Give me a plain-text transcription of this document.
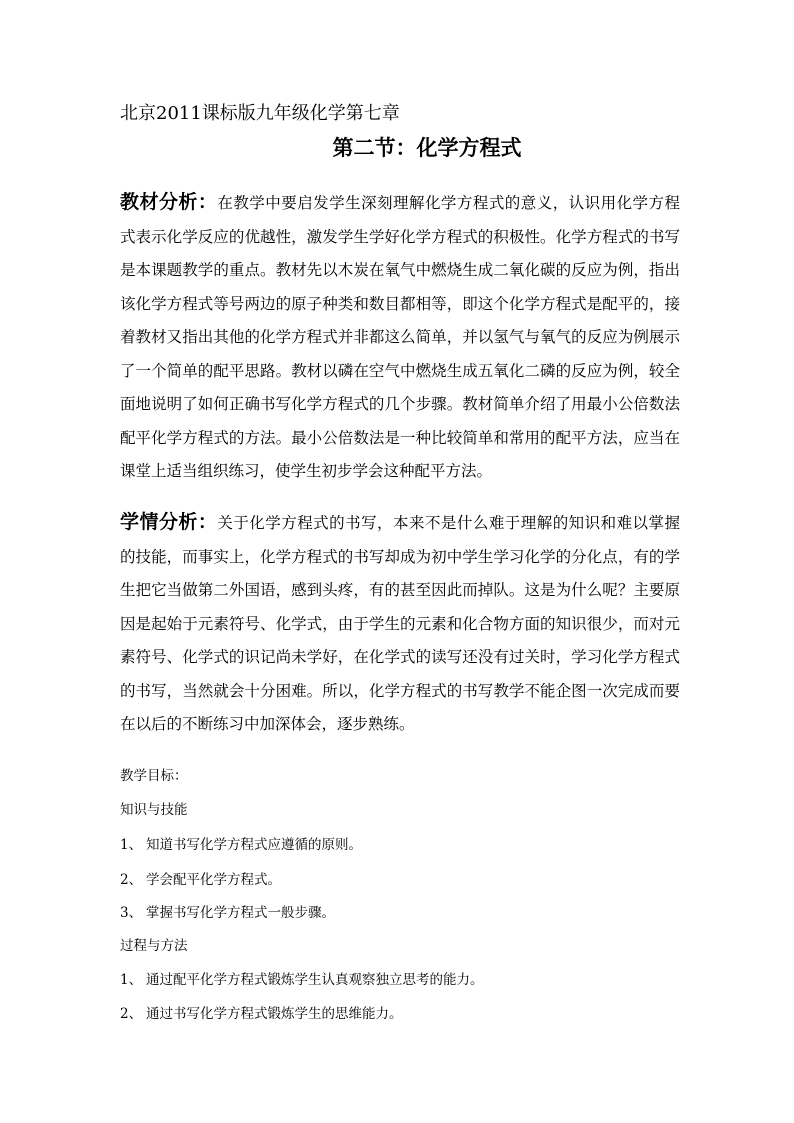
北京2011课标版九年级化学第七章
第二节：化学方程式
教材分析：在教学中要启发学生深刻理解化学方程式的意义，认识用化学方程式表示化学反应的优越性，激发学生学好化学方程式的积极性。化学方程式的书写是本课题教学的重点。教材先以木炭在氧气中燃烧生成二氧化碳的反应为例，指出该化学方程式等号两边的原子种类和数目都相等，即这个化学方程式是配平的，接着教材又指出其他的化学方程式并非都这么简单，并以氢气与氧气的反应为例展示了一个简单的配平思路。教材以磷在空气中燃烧生成五氧化二磷的反应为例，较全面地说明了如何正确书写化学方程式的几个步骤。教材简单介绍了用最小公倍数法配平化学方程式的方法。最小公倍数法是一种比较简单和常用的配平方法，应当在课堂上适当组织练习，使学生初步学会这种配平方法。
学情分析：关于化学方程式的书写，本来不是什么难于理解的知识和难以掌握的技能，而事实上，化学方程式的书写却成为初中学生学习化学的分化点，有的学生把它当做第二外国语，感到头疼，有的甚至因此而掉队。这是为什么呢？主要原因是起始于元素符号、化学式，由于学生的元素和化合物方面的知识很少，而对元素符号、化学式的识记尚未学好，在化学式的读写还没有过关时，学习化学方程式的书写，当然就会十分困难。所以，化学方程式的书写教学不能企图一次完成而要在以后的不断练习中加深体会，逐步熟练。
教学目标：
知识与技能
1、 知道书写化学方程式应遵循的原则。
2、 学会配平化学方程式。
3、 掌握书写化学方程式一般步骤。
过程与方法
1、 通过配平化学方程式锻炼学生认真观察独立思考的能力。
2、 通过书写化学方程式锻炼学生的思维能力。
